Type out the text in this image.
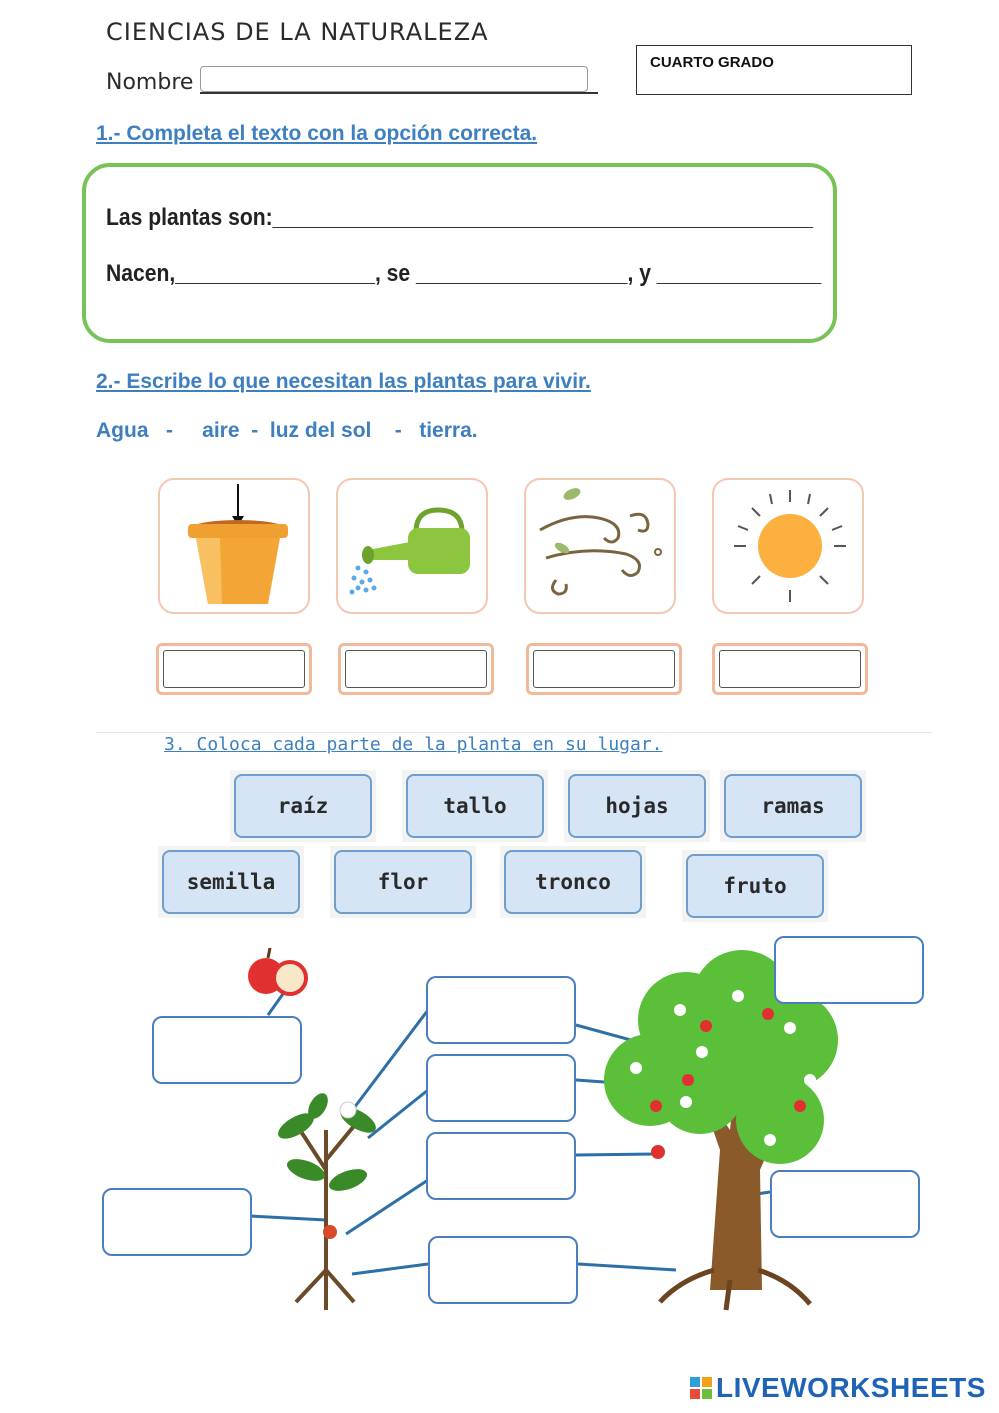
CIENCIAS DE LA NATURALEZA
Nombre
CUARTO GRADO
1.- Completa el texto con la opción correcta.
Las plantas son:______________________________________________
Nacen,_________________, se __________________, y ______________
2.- Escribe lo que necesitan las plantas para vivir.
Agua   -     aire  -  luz del sol    -   tierra.
3. Coloca cada parte de la planta en su lugar.
raíz	tallo	hojas	ramas
semilla	flor	tronco	fruto
LIVEWORKSHEETS
